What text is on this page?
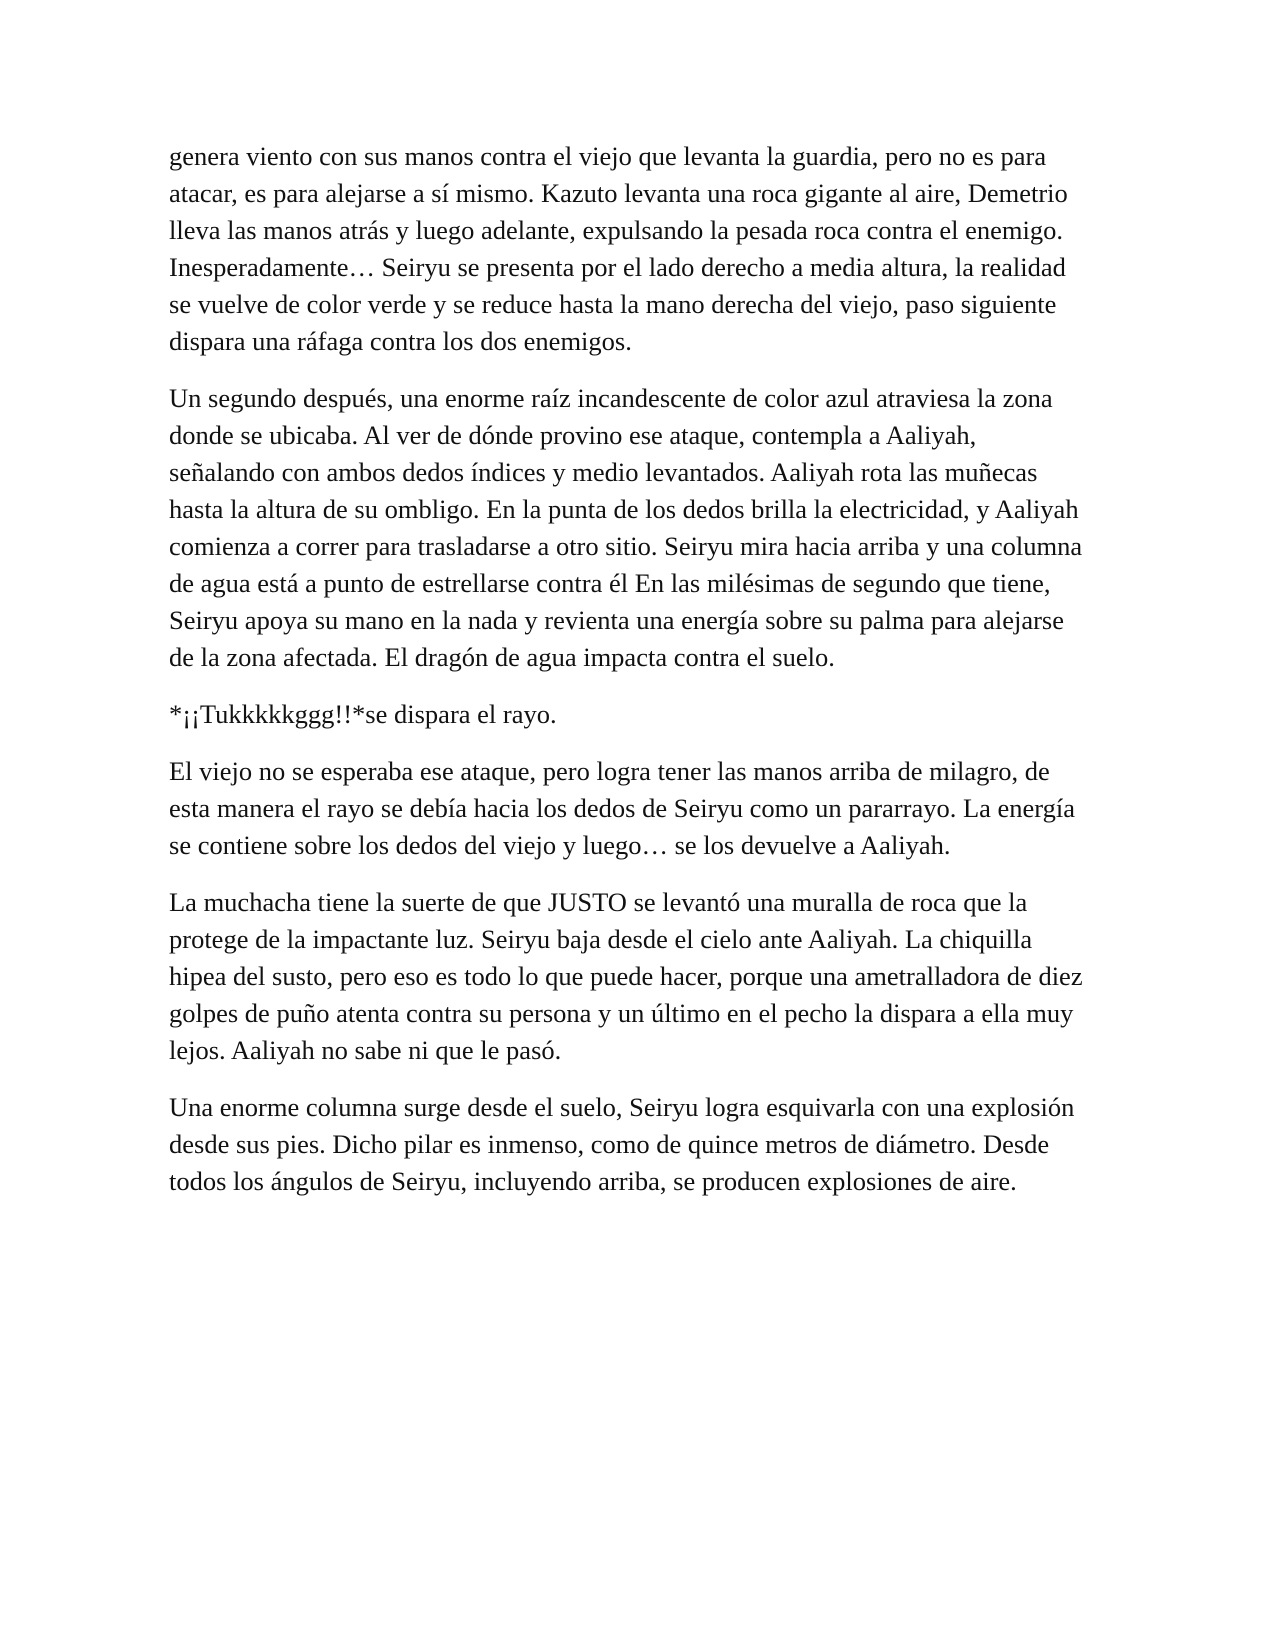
genera viento con sus manos contra el viejo que levanta la guardia, pero no es para atacar, es para alejarse a sí mismo. Kazuto levanta una roca gigante al aire, Demetrio lleva las manos atrás y luego adelante, expulsando la pesada roca contra el enemigo. Inesperadamente… Seiryu se presenta por el lado derecho a media altura, la realidad se vuelve de color verde y se reduce hasta la mano derecha del viejo, paso siguiente dispara una ráfaga contra los dos enemigos.

Un segundo después, una enorme raíz incandescente de color azul atraviesa la zona donde se ubicaba. Al ver de dónde provino ese ataque, contempla a Aaliyah, señalando con ambos dedos índices y medio levantados. Aaliyah rota las muñecas hasta la altura de su ombligo. En la punta de los dedos brilla la electricidad, y Aaliyah comienza a correr para trasladarse a otro sitio. Seiryu mira hacia arriba y una columna de agua está a punto de estrellarse contra él En las milésimas de segundo que tiene, Seiryu apoya su mano en la nada y revienta una energía sobre su palma para alejarse de la zona afectada. El dragón de agua impacta contra el suelo.

*¡¡Tukkkkkggg!!*se dispara el rayo.

El viejo no se esperaba ese ataque, pero logra tener las manos arriba de milagro, de esta manera el rayo se debía hacia los dedos de Seiryu como un pararrayo. La energía se contiene sobre los dedos del viejo y luego… se los devuelve a Aaliyah.

La muchacha tiene la suerte de que JUSTO se levantó una muralla de roca que la protege de la impactante luz. Seiryu baja desde el cielo ante Aaliyah. La chiquilla hipea del susto, pero eso es todo lo que puede hacer, porque una ametralladora de diez golpes de puño atenta contra su persona y un último en el pecho la dispara a ella muy lejos. Aaliyah no sabe ni que le pasó.

Una enorme columna surge desde el suelo, Seiryu logra esquivarla con una explosión desde sus pies. Dicho pilar es inmenso, como de quince metros de diámetro. Desde todos los ángulos de Seiryu, incluyendo arriba, se producen explosiones de aire.
